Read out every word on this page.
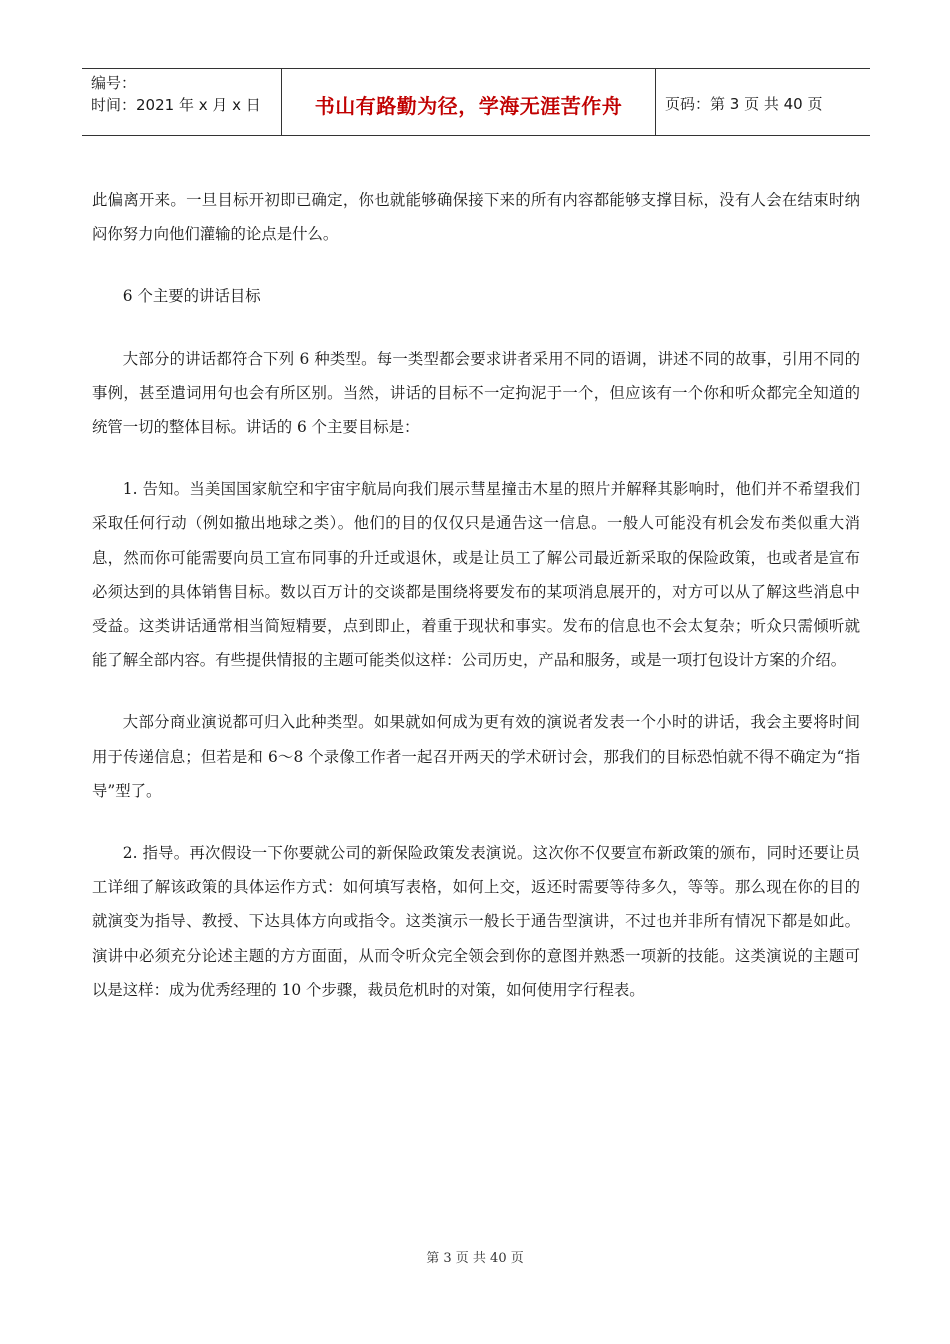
编号：
时间：2021 年 x 月 x 日	书山有路勤为径，学海无涯苦作舟	页码：第 3 页 共 40 页

此偏离开来。一旦目标开初即已确定，你也就能够确保接下来的所有内容都能够支撑目标，没有人会在结束时纳闷你努力向他们灌输的论点是什么。

6 个主要的讲话目标

大部分的讲话都符合下列 6 种类型。每一类型都会要求讲者采用不同的语调，讲述不同的故事，引用不同的事例，甚至遣词用句也会有所区别。当然，讲话的目标不一定拘泥于一个，但应该有一个你和听众都完全知道的统管一切的整体目标。讲话的 6 个主要目标是：

1. 告知。当美国国家航空和宇宙宇航局向我们展示彗星撞击木星的照片并解释其影响时，他们并不希望我们采取任何行动（例如撤出地球之类）。他们的目的仅仅只是通告这一信息。一般人可能没有机会发布类似重大消息，然而你可能需要向员工宣布同事的升迁或退休，或是让员工了解公司最近新采取的保险政策，也或者是宣布必须达到的具体销售目标。数以百万计的交谈都是围绕将要发布的某项消息展开的，对方可以从了解这些消息中受益。这类讲话通常相当简短精要，点到即止，着重于现状和事实。发布的信息也不会太复杂；听众只需倾听就能了解全部内容。有些提供情报的主题可能类似这样：公司历史，产品和服务，或是一项打包设计方案的介绍。

大部分商业演说都可归入此种类型。如果就如何成为更有效的演说者发表一个小时的讲话，我会主要将时间用于传递信息；但若是和 6～8 个录像工作者一起召开两天的学术研讨会，那我们的目标恐怕就不得不确定为“指导”型了。

2. 指导。再次假设一下你要就公司的新保险政策发表演说。这次你不仅要宣布新政策的颁布，同时还要让员工详细了解该政策的具体运作方式：如何填写表格，如何上交，返还时需要等待多久，等等。那么现在你的目的就演变为指导、教授、下达具体方向或指令。这类演示一般长于通告型演讲，不过也并非所有情况下都是如此。演讲中必须充分论述主题的方方面面，从而令听众完全领会到你的意图并熟悉一项新的技能。这类演说的主题可以是这样：成为优秀经理的 10 个步骤，裁员危机时的对策，如何使用字行程表。

第 3 页 共 40 页
